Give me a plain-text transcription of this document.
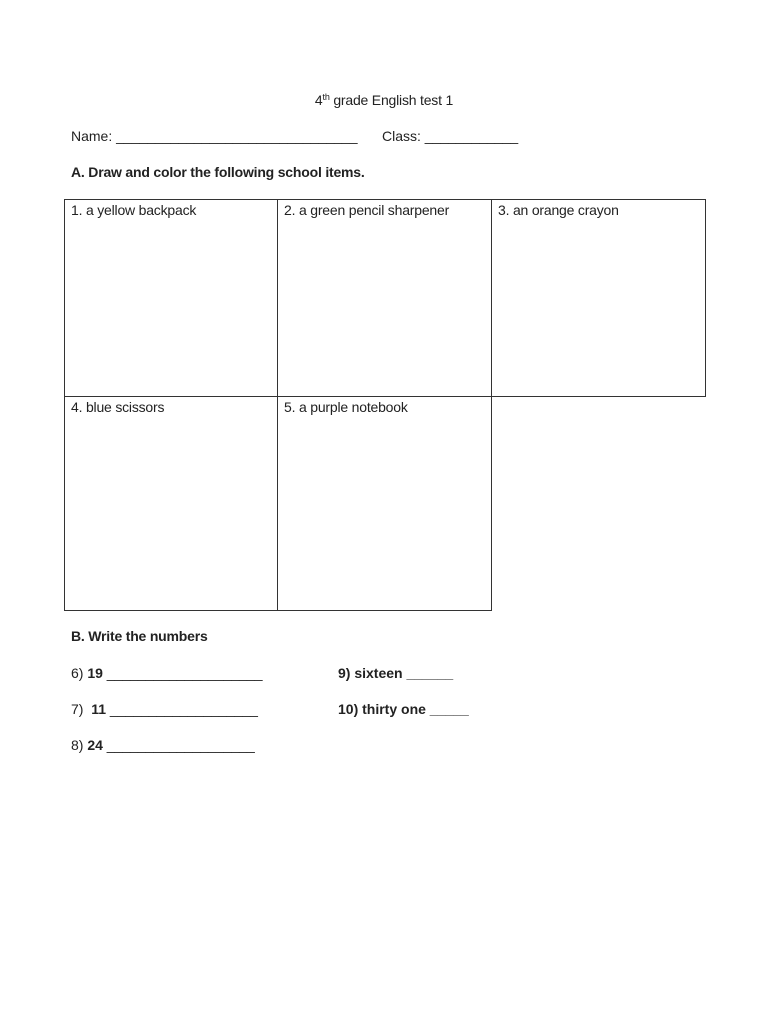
4th grade English test 1
Name: _______________________________ Class: ____________
A. Draw and color the following school items.
1. a yellow backpack	2. a green pencil sharpener	3. an orange crayon
4. blue scissors	5. a purple notebook
B. Write the numbers
6) 19 ____________________
7)  11 ___________________
8) 24 ___________________
9) sixteen ______
10) thirty one _____
